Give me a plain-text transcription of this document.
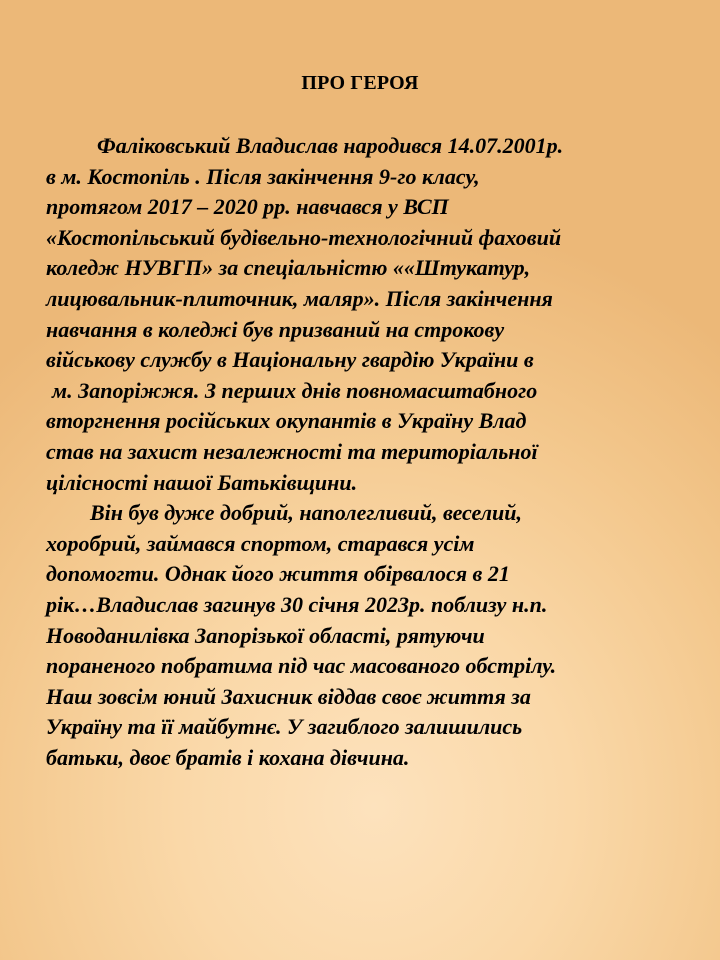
ПРО ГЕРОЯ
Фаліковський Владислав народився 14.07.2001р.
в м. Костопіль . Після закінчення 9-го класу,
протягом 2017 – 2020 рр. навчався у ВСП
«Костопільський будівельно-технологічний фаховий
коледж НУВГП» за спеціальністю ««Штукатур,
лицювальник-плиточник, маляр». Після закінчення
навчання в коледжі був призваний на строкову
військову службу в Національну гвардію України в
м. Запоріжжя. З перших днів повномасштабного
вторгнення російських окупантів в Україну Влад
став на захист незалежності та територіальної
цілісності нашої Батьківщини.
Він був дуже добрий, наполегливий, веселий,
хоробрий, займався спортом, старався усім
допомогти. Однак його життя обірвалося в 21
рік…Владислав загинув 30 січня 2023р. поблизу н.п.
Новоданилівка Запорізької області, рятуючи
пораненого побратима під час масованого обстрілу.
Наш зовсім юний Захисник віддав своє життя за
Україну та її майбутнє. У загиблого залишились
батьки, двоє братів і кохана дівчина.
